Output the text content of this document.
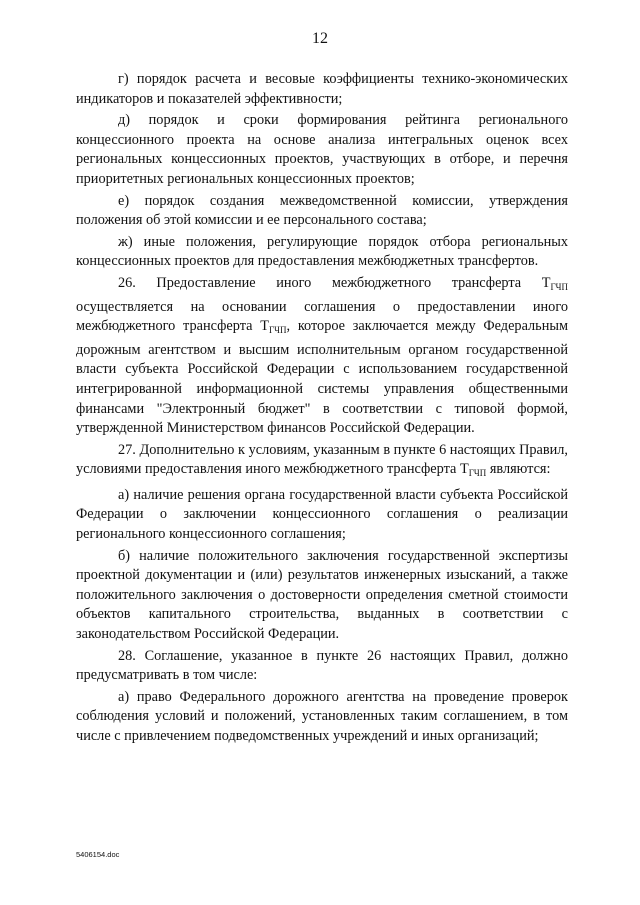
12

г) порядок расчета и весовые коэффициенты технико-экономических индикаторов и показателей эффективности;

д) порядок и сроки формирования рейтинга регионального концессионного проекта на основе анализа интегральных оценок всех региональных концессионных проектов, участвующих в отборе, и перечня приоритетных региональных концессионных проектов;

е) порядок создания межведомственной комиссии, утверждения положения об этой комиссии и ее персонального состава;

ж) иные положения, регулирующие порядок отбора региональных концессионных проектов для предоставления межбюджетных трансфертов.

26. Предоставление иного межбюджетного трансферта $Т_{ГЧП}$ осуществляется на основании соглашения о предоставлении иного межбюджетного трансферта $Т_{ГЧП}$, которое заключается между Федеральным дорожным агентством и высшим исполнительным органом государственной власти субъекта Российской Федерации с использованием государственной интегрированной информационной системы управления общественными финансами "Электронный бюджет" в соответствии с типовой формой, утвержденной Министерством финансов Российской Федерации.

27. Дополнительно к условиям, указанным в пункте 6 настоящих Правил, условиями предоставления иного межбюджетного трансферта $Т_{ГЧП}$ являются:

а) наличие решения органа государственной власти субъекта Российской Федерации о заключении концессионного соглашения о реализации регионального концессионного соглашения;

б) наличие положительного заключения государственной экспертизы проектной документации и (или) результатов инженерных изысканий, а также положительного заключения о достоверности определения сметной стоимости объектов капитального строительства, выданных в соответствии с законодательством Российской Федерации.

28. Соглашение, указанное в пункте 26 настоящих Правил, должно предусматривать в том числе:

а) право Федерального дорожного агентства на проведение проверок соблюдения условий и положений, установленных таким соглашением, в том числе с привлечением подведомственных учреждений и иных организаций;

5406154.doc
